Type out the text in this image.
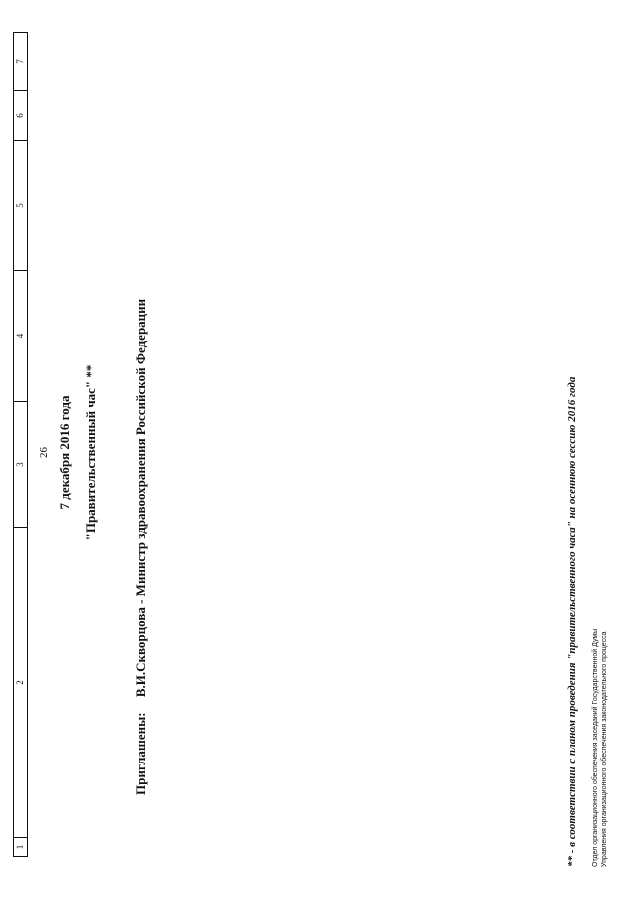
1	2	3	4	5	6	7
26 7 декабря 2016 года "Правительственный час" **
Приглашены: В.И.Скворцова - Министр здравоохранения Российской Федерации	** - в соответствии с планом проведения "правительственного часа" на осеннюю сессию 2016 года Отдел организационного обеспечения заседаний Государственной Думы Управления организационного обеспечения законодательного процесса
